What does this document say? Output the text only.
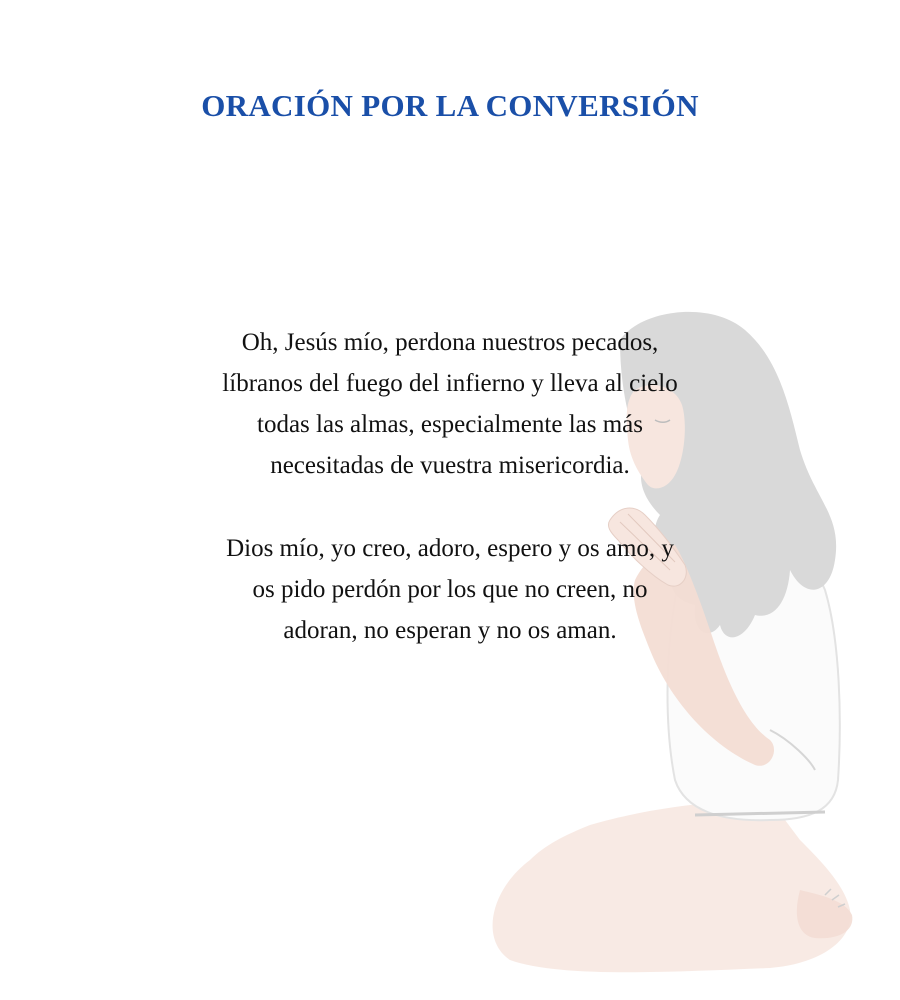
ORACIÓN POR LA CONVERSIÓN
Oh, Jesús mío, perdona nuestros pecados,
líbranos del fuego del infierno y lleva al cielo
todas las almas, especialmente las más
necesitadas de vuestra misericordia.
Dios mío, yo creo, adoro, espero y os amo, y
os pido perdón por los que no creen, no
adoran, no esperan y no os aman.
